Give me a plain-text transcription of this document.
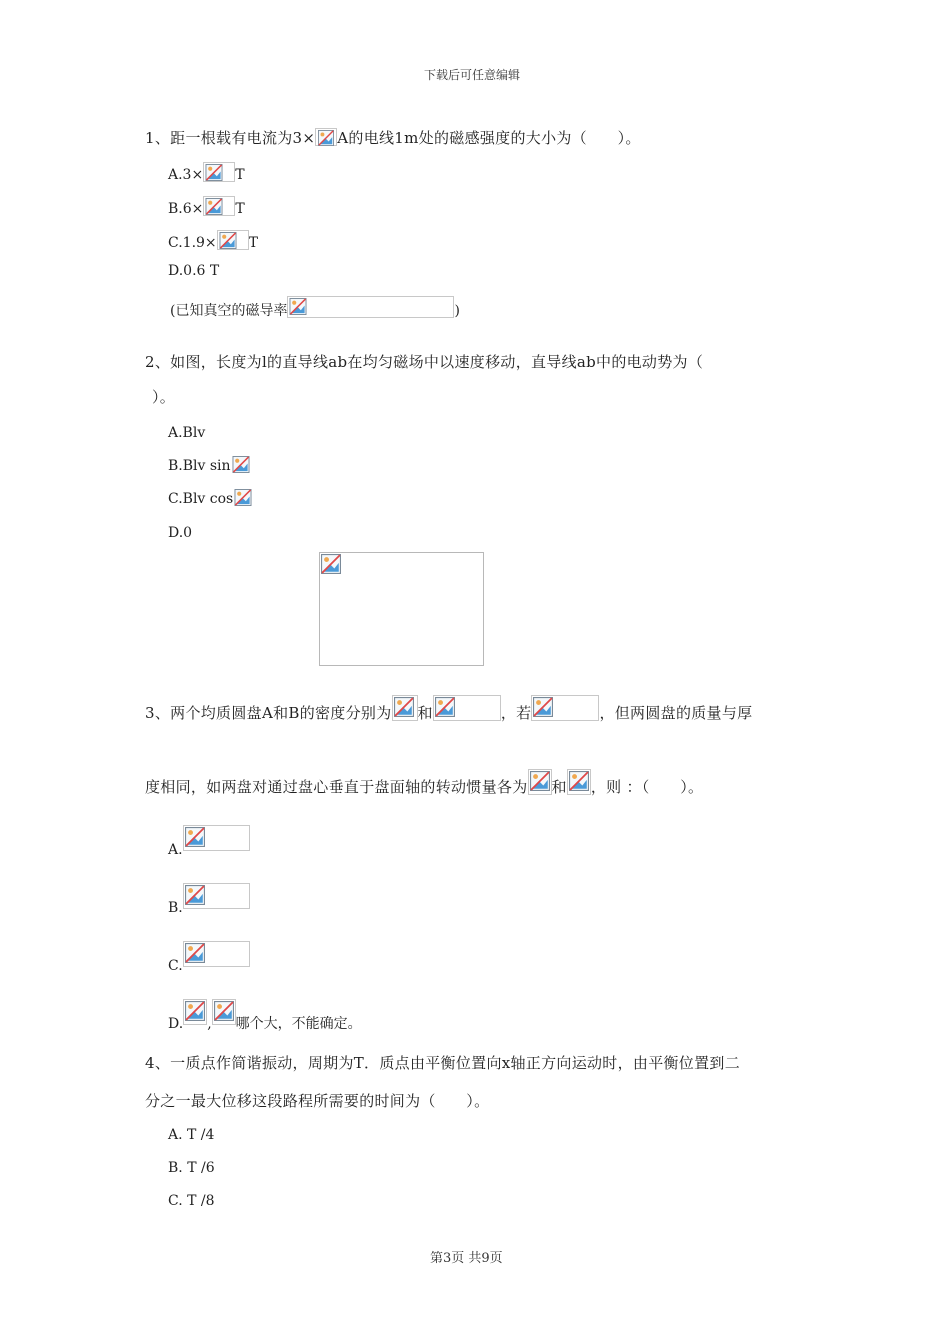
下载后可任意编辑
1、距一根载有电流为3× A的电线1m处的磁感强度的大小为（　　）。
A.3× T
B.6× T
C.1.9× T
D.0.6 T
(已知真空的磁导率	)
2、如图，长度为l的直导线ab在均匀磁场中以速度移动，直导线ab中的电动势为（
）。
A.Blv
B.Blv sin
C.Blv cos
D.0
3、两个均质圆盘A和B的密度分别为 和	，若	，但两圆盘的质量与厚
度相同，如两盘对通过盘心垂直于盘面轴的转动惯量各为 和 ，则 ：（　　）。
A.
B.
C.
D. , 哪个大，不能确定。
4、一质点作简谐振动，周期为T．质点由平衡位置向x轴正方向运动时，由平衡位置到二
分之一最大位移这段路程所需要的时间为（　　）。
A. T /4
B. T /6
C. T /8
第3页 共9页
